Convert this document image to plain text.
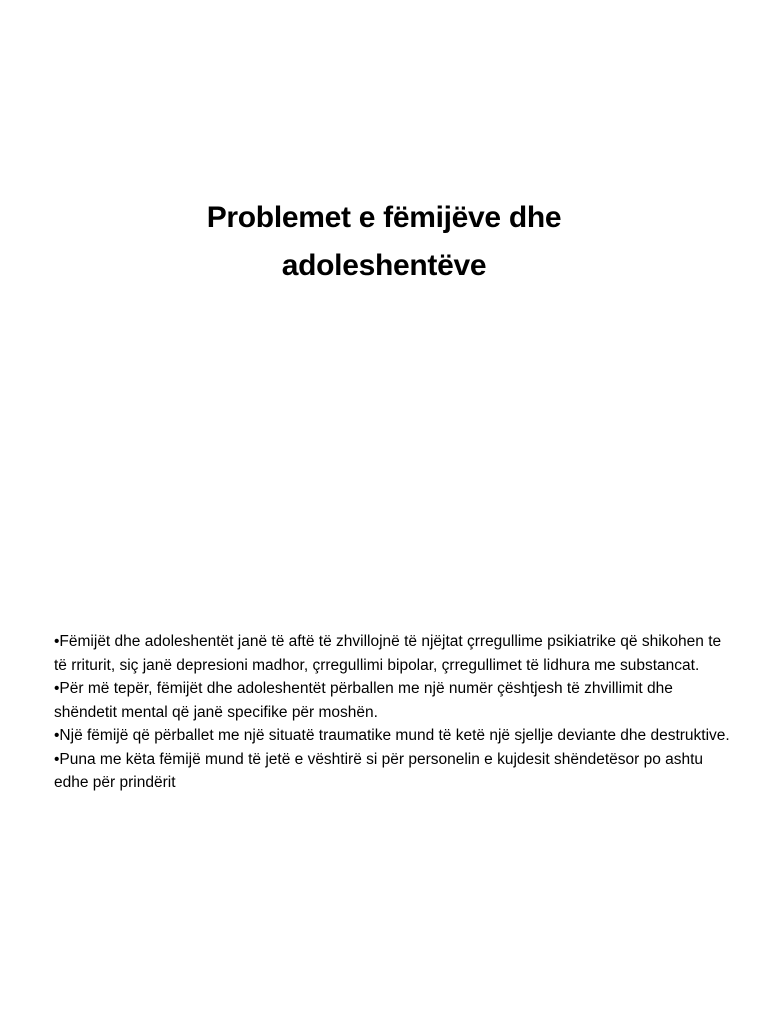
Problemet e fëmijëve dhe
adoleshentëve
•Fëmijët dhe adoleshentët janë të aftë të zhvillojnë të njëjtat çrregullime psikiatrike që shikohen te të rriturit, siç janë depresioni madhor, çrregullimi bipolar, çrregullimet të lidhura me substancat.
•Për më tepër, fëmijët dhe adoleshentët përballen me një numër çështjesh të zhvillimit dhe shëndetit mental që janë specifike për moshën.
•Një fëmijë që përballet me një situatë traumatike mund të ketë një sjellje deviante dhe destruktive.
•Puna me këta fëmijë mund të jetë e vështirë si për personelin e kujdesit shëndetësor po ashtu edhe për prindërit
